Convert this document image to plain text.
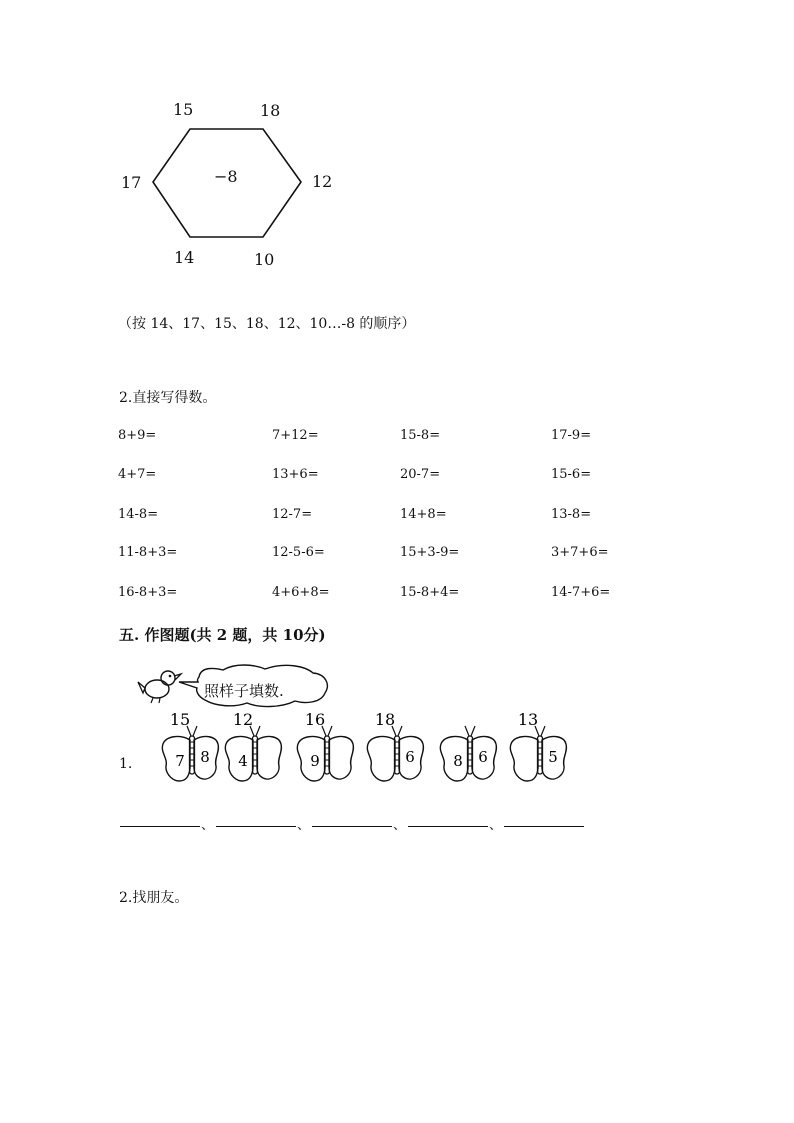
−8
15	18
12
10
14
17
（按 14、17、15、18、12、10…-8 的顺序）
2.直接写得数。
8+9=	7+12=	15-8=	17-9=
4+7=	13+6=	20-7=	15-6=
14-8=	12-7=	14+8=	13-8=
11-8+3=	12-5-6=	15+3-9=	3+7+6=
16-8+3=	4+6+8=	15-8+4=	14-7+6=
五. 作图题(共 2 题，共 10分)
15
7 8
12
4
16
9
18
6	8 6
13
5
照样子填数.
1.
、	、	、	、
2.找朋友。
